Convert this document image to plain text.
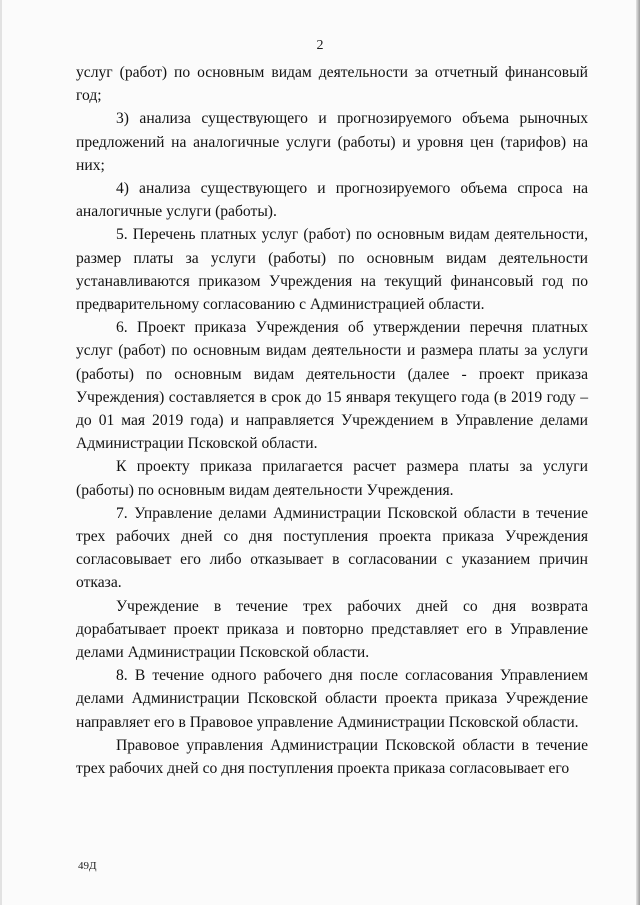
2

услуг (работ) по основным видам деятельности за отчетный финансовый год;

3) анализа существующего и прогнозируемого объема рыночных предложений на аналогичные услуги (работы) и уровня цен (тарифов) на них;

4) анализа существующего и прогнозируемого объема спроса на аналогичные услуги (работы).

5. Перечень платных услуг (работ) по основным видам деятельности, размер платы за услуги (работы) по основным видам деятельности устанавливаются приказом Учреждения на текущий финансовый год по предварительному согласованию с Администрацией области.

6. Проект приказа Учреждения об утверждении перечня платных услуг (работ) по основным видам деятельности и размера платы за услуги (работы) по основным видам деятельности (далее - проект приказа Учреждения) составляется в срок до 15 января текущего года (в 2019 году – до 01 мая 2019 года) и направляется Учреждением в Управление делами Администрации Псковской области.

К проекту приказа прилагается расчет размера платы за услуги (работы) по основным видам деятельности Учреждения.

7. Управление делами Администрации Псковской области в течение трех рабочих дней со дня поступления проекта приказа Учреждения согласовывает его либо отказывает в согласовании с указанием причин отказа.

Учреждение в течение трех рабочих дней со дня возврата дорабатывает проект приказа и повторно представляет его в Управление делами Администрации Псковской области.

8. В течение одного рабочего дня после согласования Управлением делами Администрации Псковской области проекта приказа Учреждение направляет его в Правовое управление Администрации Псковской области.

Правовое управления Администрации Псковской области в течение трех рабочих дней со дня поступления проекта приказа согласовывает его

49Д
